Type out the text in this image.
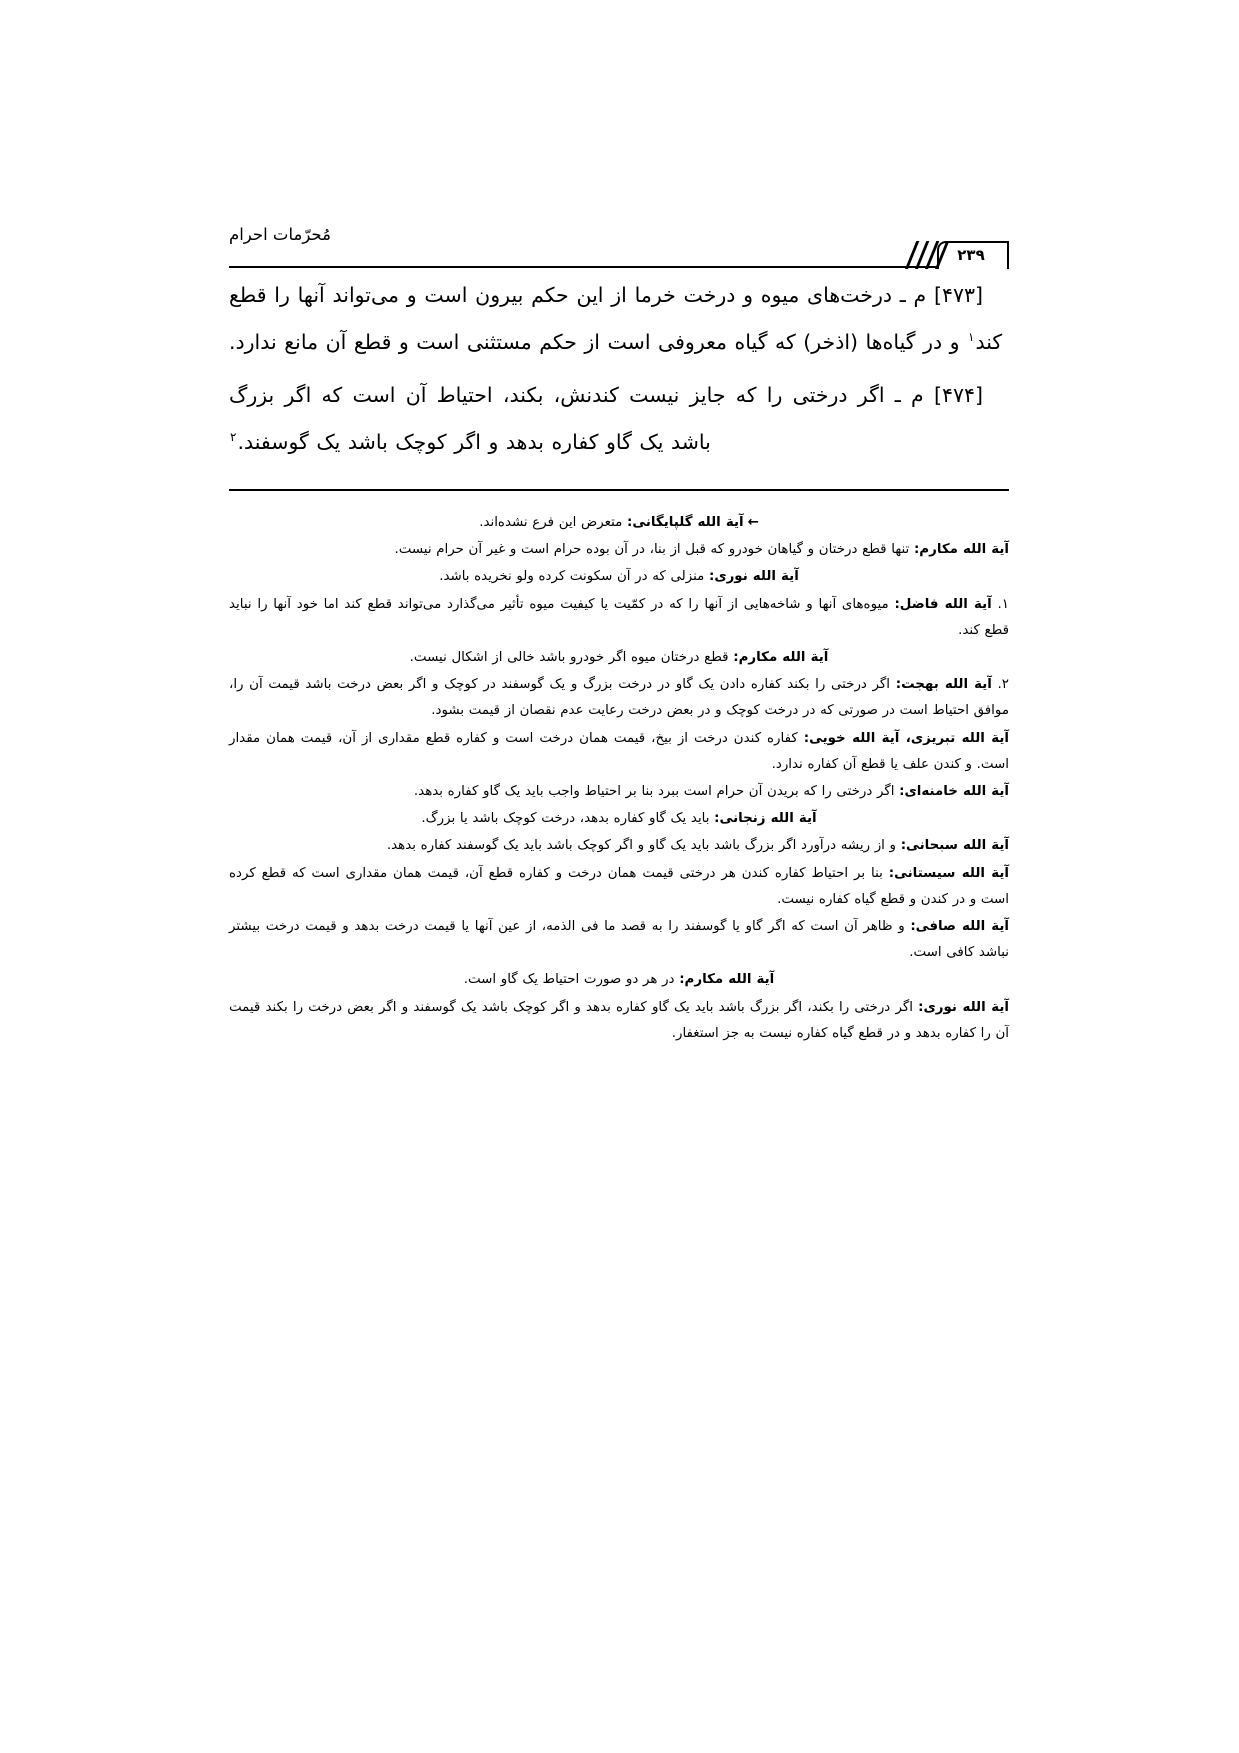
مُحرّمات احرام
۲۳۹

[۴۷۳] م ـ درخت‌های میوه و درخت خرما از این حکم بیرون است و می‌تواند آنها را قطع کند$^۱$ و در گیاه‌ها (اذخر) که گیاه معروفی است از حکم مستثنی است و قطع آن مانع ندارد.

[۴۷۴] م ـ اگر درختی را که جایز نیست کندنش، بکند، احتیاط آن است که اگر بزرگ باشد یک گاو کفاره بدهد و اگر کوچک باشد یک گوسفند.$^۲$

←آیة الله گلپایگانی: متعرض این فرع نشده‌اند.

آیة الله مکارم: تنها قطع درختان و گیاهان خودرو که قبل از بنا، در آن بوده حرام است و غیر آن حرام نیست.

آیة الله نوری: منزلی که در آن سکونت کرده ولو نخریده باشد.

۱. آیة الله فاضل: میوه‌های آنها و شاخه‌هایی از آنها را که در کمّیت یا کیفیت میوه تأثیر می‌گذارد می‌تواند قطع کند اما خود آنها را نباید قطع کند.

آیة الله مکارم: قطع درختان میوه اگر خودرو باشد خالی از اشکال نیست.

۲. آیة الله بهجت: اگر درختی را بکند کفاره دادن یک گاو در درخت بزرگ و یک گوسفند در کوچک و اگر بعض درخت باشد قیمت آن را، موافق احتیاط است در صورتی که در درخت کوچک و در بعض درخت رعایت عدم نقصان از قیمت بشود.

آیة الله تبریزی، آیة الله خویی: کفاره کندن درخت از بیخ، قیمت همان درخت است و کفاره قطع مقداری از آن، قیمت همان مقدار است. و کندن علف یا قطع آن کفاره ندارد.

آیة الله خامنه‌ای: اگر درختی را که بریدن آن حرام است ببرد بنا بر احتیاط واجب باید یک گاو کفاره بدهد.

آیة الله زنجانی: باید یک گاو کفاره بدهد، درخت کوچک باشد یا بزرگ.

آیة الله سبحانی: و از ریشه درآورد اگر بزرگ باشد باید یک گاو و اگر کوچک باشد باید یک گوسفند کفاره بدهد.

آیة الله سیستانی: بنا بر احتیاط کفاره کندن هر درختی قیمت همان درخت و کفاره قطع آن، قیمت همان مقداری است که قطع کرده است و در کندن و قطع گیاه کفاره نیست.

آیة الله صافی: و ظاهر آن است که اگر گاو یا گوسفند را به قصد ما فی الذمه، از عین آنها یا قیمت درخت بدهد و قیمت درخت بیشتر نباشد کافی است.

آیة الله مکارم: در هر دو صورت احتیاط یک گاو است.

آیة الله نوری: اگر درختی را بکند، اگر بزرگ باشد باید یک گاو کفاره بدهد و اگر کوچک باشد یک گوسفند و اگر بعض درخت را بکند قیمت آن را کفاره بدهد و در قطع گیاه کفاره نیست به جز استغفار.
